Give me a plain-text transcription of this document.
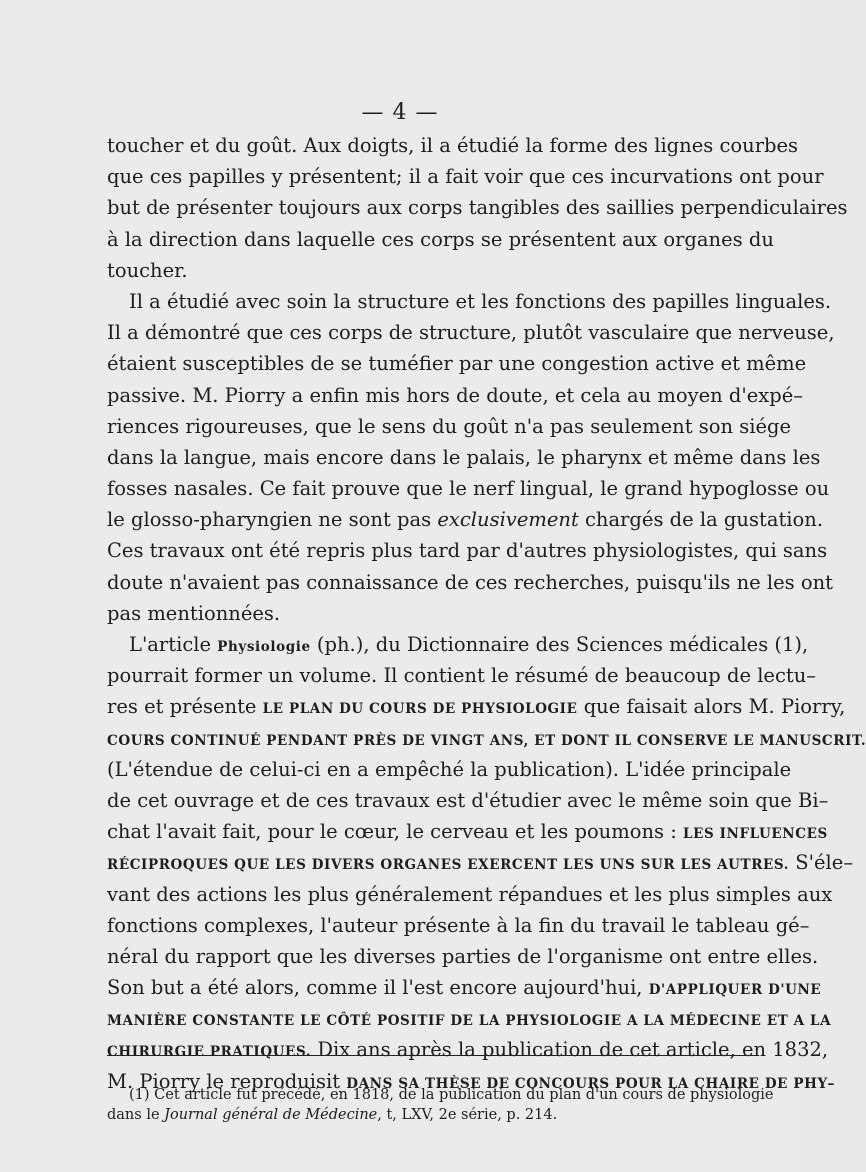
— 4 —
toucher et du goût. Aux doigts, il a étudié la forme des lignes courbes
que ces papilles y présentent; il a fait voir que ces incurvations ont pour
but de présenter toujours aux corps tangibles des saillies perpendiculaires
à la direction dans laquelle ces corps se présentent aux organes du
toucher.
Il a étudié avec soin la structure et les fonctions des papilles linguales.
Il a démontré que ces corps de structure, plutôt vasculaire que nerveuse,
étaient susceptibles de se tuméfier par une congestion active et même
passive. M. Piorry a enfin mis hors de doute, et cela au moyen d'expé–
riences rigoureuses, que le sens du goût n'a pas seulement son siége
dans la langue, mais encore dans le palais, le pharynx et même dans les
fosses nasales. Ce fait prouve que le nerf lingual, le grand hypoglosse ou
le glosso-pharyngien ne sont pas exclusivement chargés de la gustation.
Ces travaux ont été repris plus tard par d'autres physiologistes, qui sans
doute n'avaient pas connaissance de ces recherches, puisqu'ils ne les ont
pas mentionnées.
L'article Physiologie (ph.), du Dictionnaire des Sciences médicales (1),
pourrait former un volume. Il contient le résumé de beaucoup de lectu–
res et présente LE PLAN DU COURS DE PHYSIOLOGIE que faisait alors M. Piorry,
COURS CONTINUÉ PENDANT PRÈS DE VINGT ANS, ET DONT IL CONSERVE LE MANUSCRIT.
(L'étendue de celui-ci en a empêché la publication). L'idée principale
de cet ouvrage et de ces travaux est d'étudier avec le même soin que Bi–
chat l'avait fait, pour le cœur, le cerveau et les poumons : LES INFLUENCES
RÉCIPROQUES QUE LES DIVERS ORGANES EXERCENT LES UNS SUR LES AUTRES. S'éle–
vant des actions les plus généralement répandues et les plus simples aux
fonctions complexes, l'auteur présente à la fin du travail le tableau gé–
néral du rapport que les diverses parties de l'organisme ont entre elles.
Son but a été alors, comme il l'est encore aujourd'hui, D'APPLIQUER D'UNE
MANIÈRE CONSTANTE LE CÔTÉ POSITIF DE LA PHYSIOLOGIE A LA MÉDECINE ET A LA
CHIRURGIE PRATIQUES. Dix ans après la publication de cet article, en 1832,
M. Piorry le reproduisit DANS SA THÈSE DE CONCOURS POUR LA CHAIRE DE PHY–
(1) Cet article fut précédé, en 1818, de la publication du plan d'un cours de physiologie
dans le Journal général de Médecine, t, LXV, 2e série, p. 214.
